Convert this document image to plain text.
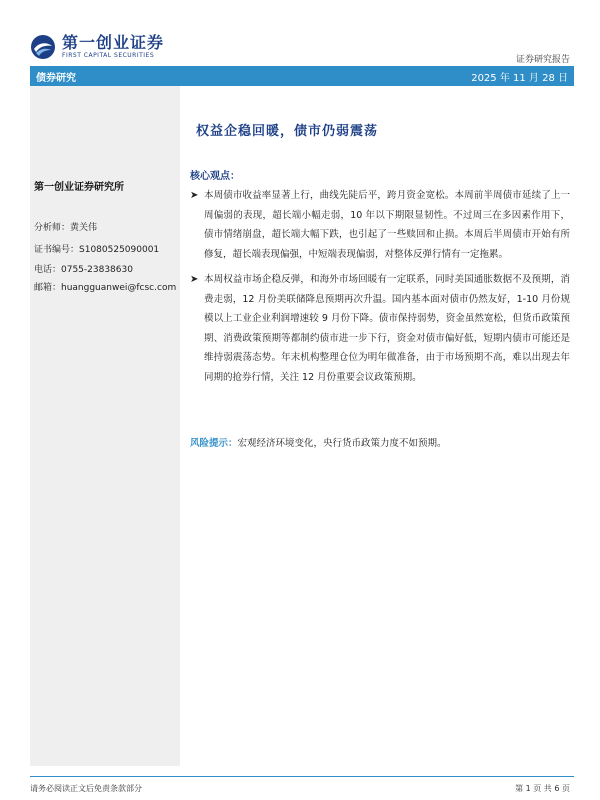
第一创业证券
FIRST CAPITAL SECURITIES	证券研究报告
债券研究	2025 年 11 月 28 日
第一创业证券研究所
分析师：黄关伟
证书编号：S1080525090001
电话：0755-23838630
邮箱：huangguanwei@fcsc.com
权益企稳回暖，债市仍弱震荡
核心观点：
➤ 本周债市收益率显著上行，曲线先陡后平，跨月资金宽松。本周前半周债市延续了上一周偏弱的表现，超长端小幅走弱，10 年以下期限显韧性。不过周三在多因素作用下，债市情绪崩盘，超长端大幅下跌，也引起了一些赎回和止损。本周后半周债市开始有所修复，超长端表现偏强，中短端表现偏弱，对整体反弹行情有一定拖累。
➤ 本周权益市场企稳反弹，和海外市场回暖有一定联系，同时美国通胀数据不及预期，消费走弱，12 月份美联储降息预期再次升温。国内基本面对债市仍然友好，1-10 月份规模以上工业企业利润增速较 9 月份下降。债市保持弱势，资金虽然宽松，但货币政策预期、消费政策预期等都制约债市进一步下行，资金对债市偏好低，短期内债市可能还是维持弱震荡态势。年末机构整理仓位为明年做准备，由于市场预期不高，难以出现去年同期的抢券行情，关注 12 月份重要会议政策预期。
风险提示：宏观经济环境变化，央行货币政策力度不如预期。
请务必阅读正文后免责条款部分	第 1 页 共 6 页
